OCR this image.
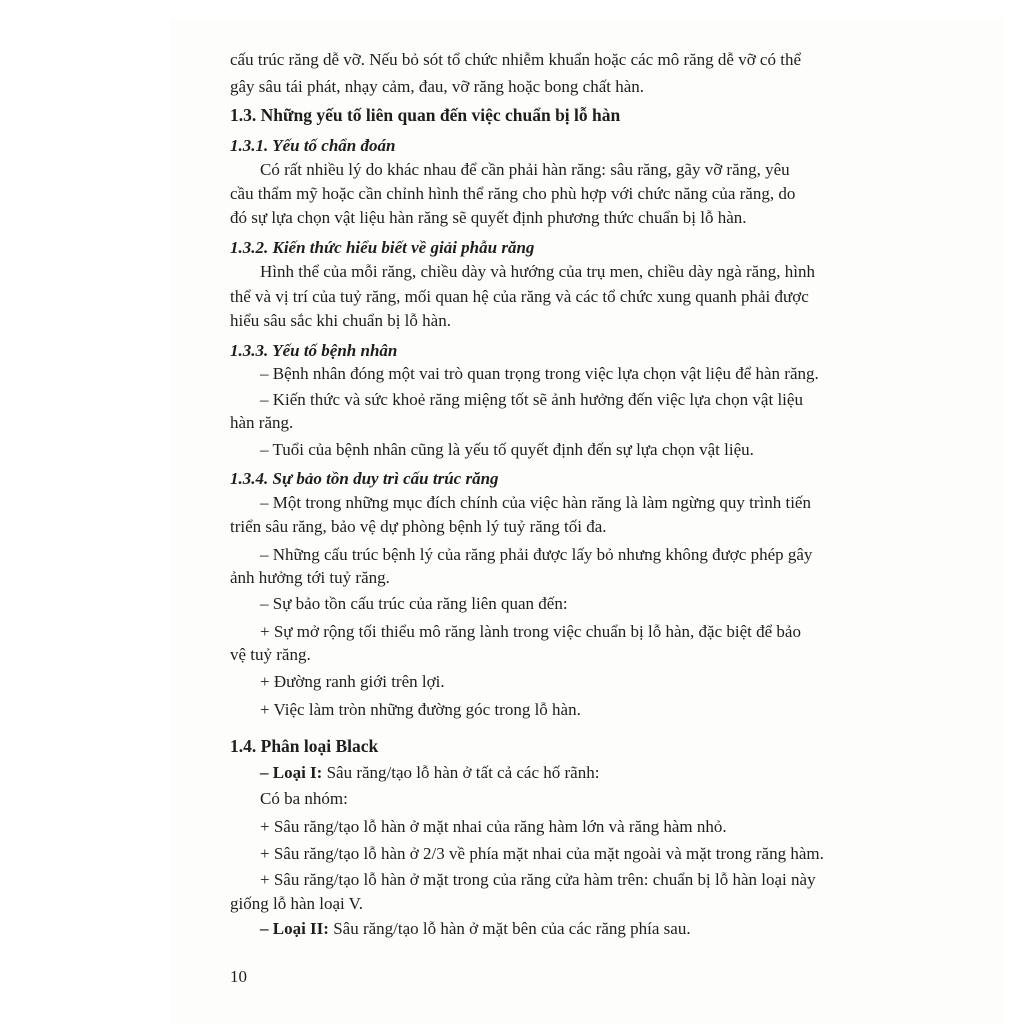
cấu trúc răng dễ vỡ. Nếu bỏ sót tổ chức nhiễm khuẩn hoặc các mô răng dễ vỡ có thể
gây sâu tái phát, nhạy cảm, đau, vỡ răng hoặc bong chất hàn.
1.3. Những yếu tố liên quan đến việc chuẩn bị lỗ hàn
1.3.1. Yếu tố chẩn đoán
Có rất nhiều lý do khác nhau để cần phải hàn răng: sâu răng, gãy vỡ răng, yêu
cầu thẩm mỹ hoặc cần chỉnh hình thể răng cho phù hợp với chức năng của răng, do
đó sự lựa chọn vật liệu hàn răng sẽ quyết định phương thức chuẩn bị lỗ hàn.
1.3.2. Kiến thức hiểu biết về giải phẫu răng
Hình thể của mỗi răng, chiều dày và hướng của trụ men, chiều dày ngà răng, hình
thể và vị trí của tuỷ răng, mối quan hệ của răng và các tổ chức xung quanh phải được
hiểu sâu sắc khi chuẩn bị lỗ hàn.
1.3.3. Yếu tố bệnh nhân
– Bệnh nhân đóng một vai trò quan trọng trong việc lựa chọn vật liệu để hàn răng.
– Kiến thức và sức khoẻ răng miệng tốt sẽ ảnh hưởng đến việc lựa chọn vật liệu
hàn răng.
– Tuổi của bệnh nhân cũng là yếu tố quyết định đến sự lựa chọn vật liệu.
1.3.4. Sự bảo tồn duy trì cấu trúc răng
– Một trong những mục đích chính của việc hàn răng là làm ngừng quy trình tiến
triển sâu răng, bảo vệ dự phòng bệnh lý tuỷ răng tối đa.
– Những cấu trúc bệnh lý của răng phải được lấy bỏ nhưng không được phép gây
ảnh hưởng tới tuỷ răng.
– Sự bảo tồn cấu trúc của răng liên quan đến:
+ Sự mở rộng tối thiểu mô răng lành trong việc chuẩn bị lỗ hàn, đặc biệt để bảo
vệ tuỷ răng.
+ Đường ranh giới trên lợi.
+ Việc làm tròn những đường góc trong lỗ hàn.
1.4. Phân loại Black
– Loại I: Sâu răng/tạo lỗ hàn ở tất cả các hố rãnh:
Có ba nhóm:
+ Sâu răng/tạo lỗ hàn ở mặt nhai của răng hàm lớn và răng hàm nhỏ.
+ Sâu răng/tạo lỗ hàn ở 2/3 về phía mặt nhai của mặt ngoài và mặt trong răng hàm.
+ Sâu răng/tạo lỗ hàn ở mặt trong của răng cửa hàm trên: chuẩn bị lỗ hàn loại này
giống lỗ hàn loại V.
– Loại II: Sâu răng/tạo lỗ hàn ở mặt bên của các răng phía sau.
10
